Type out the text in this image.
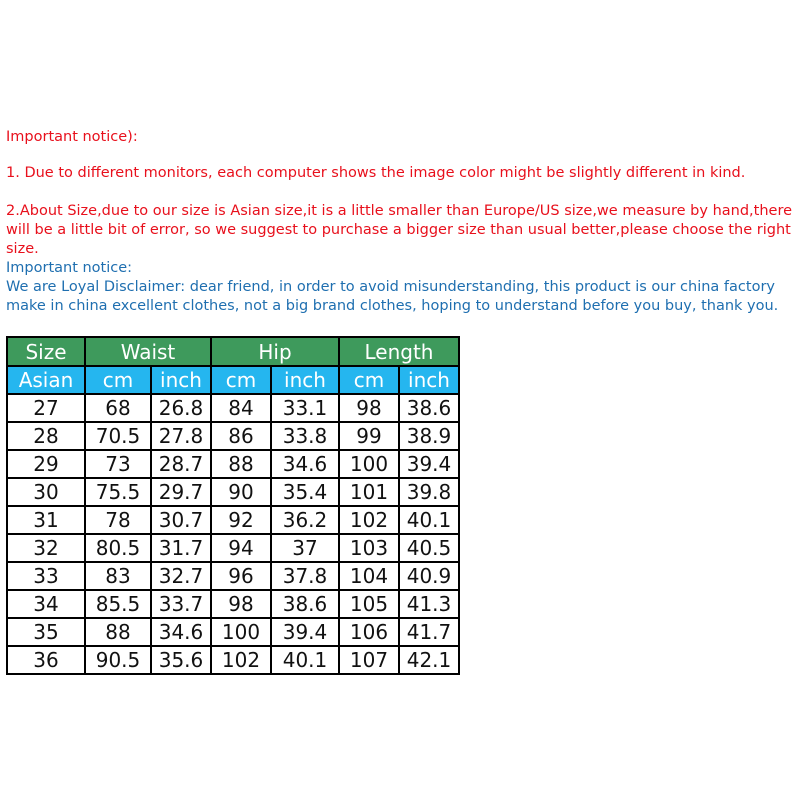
Important notice):
1. Due to different monitors, each computer shows the image color might be slightly different in kind.
2.About Size,due to our size is Asian size,it is a little smaller than Europe/US size,we measure by hand,there will be a little bit of error, so we suggest to purchase a bigger size than usual better,please choose the right size.
Important notice:
We are Loyal Disclaimer: dear friend, in order to avoid misunderstanding, this product is our china factory make in china excellent clothes, not a big brand clothes, hoping to understand before you buy, thank you.
Size	Waist		Hip		Length	
Asian	cm	inch	cm	inch	cm	inch
27	68	26.8	84	33.1	98	38.6
28	70.5	27.8	86	33.8	99	38.9
29	73	28.7	88	34.6	100	39.4
30	75.5	29.7	90	35.4	101	39.8
31	78	30.7	92	36.2	102	40.1
32	80.5	31.7	94	37	103	40.5
33	83	32.7	96	37.8	104	40.9
34	85.5	33.7	98	38.6	105	41.3
35	88	34.6	100	39.4	106	41.7
36	90.5	35.6	102	40.1	107	42.1
